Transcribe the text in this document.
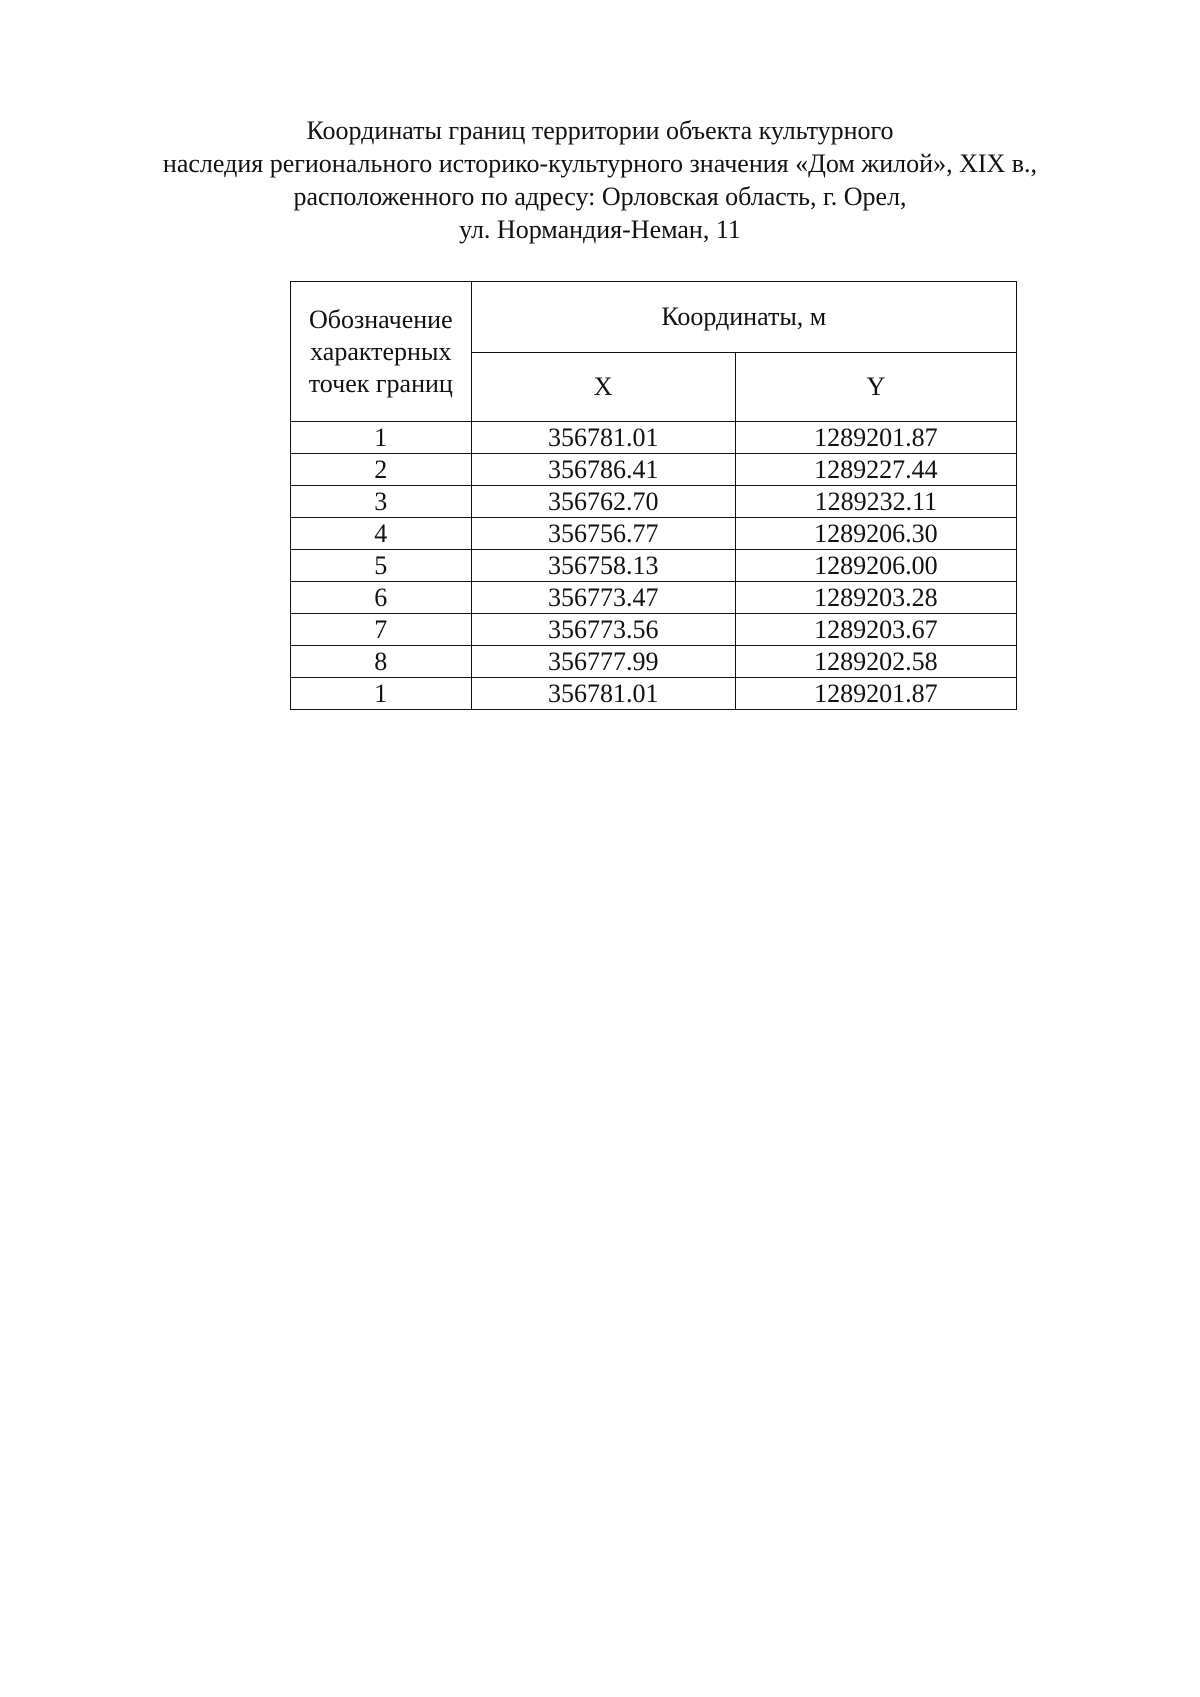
Координаты границ территории объекта культурного
наследия регионального историко-культурного значения «Дом жилой», XIX в.,
расположенного по адресу: Орловская область, г. Орел,
ул. Нормандия-Неман, 11
Обозначение характерных точек границ	Координаты, м	
	X	Y
1	356781.01	1289201.87
2	356786.41	1289227.44
3	356762.70	1289232.11
4	356756.77	1289206.30
5	356758.13	1289206.00
6	356773.47	1289203.28
7	356773.56	1289203.67
8	356777.99	1289202.58
1	356781.01	1289201.87
